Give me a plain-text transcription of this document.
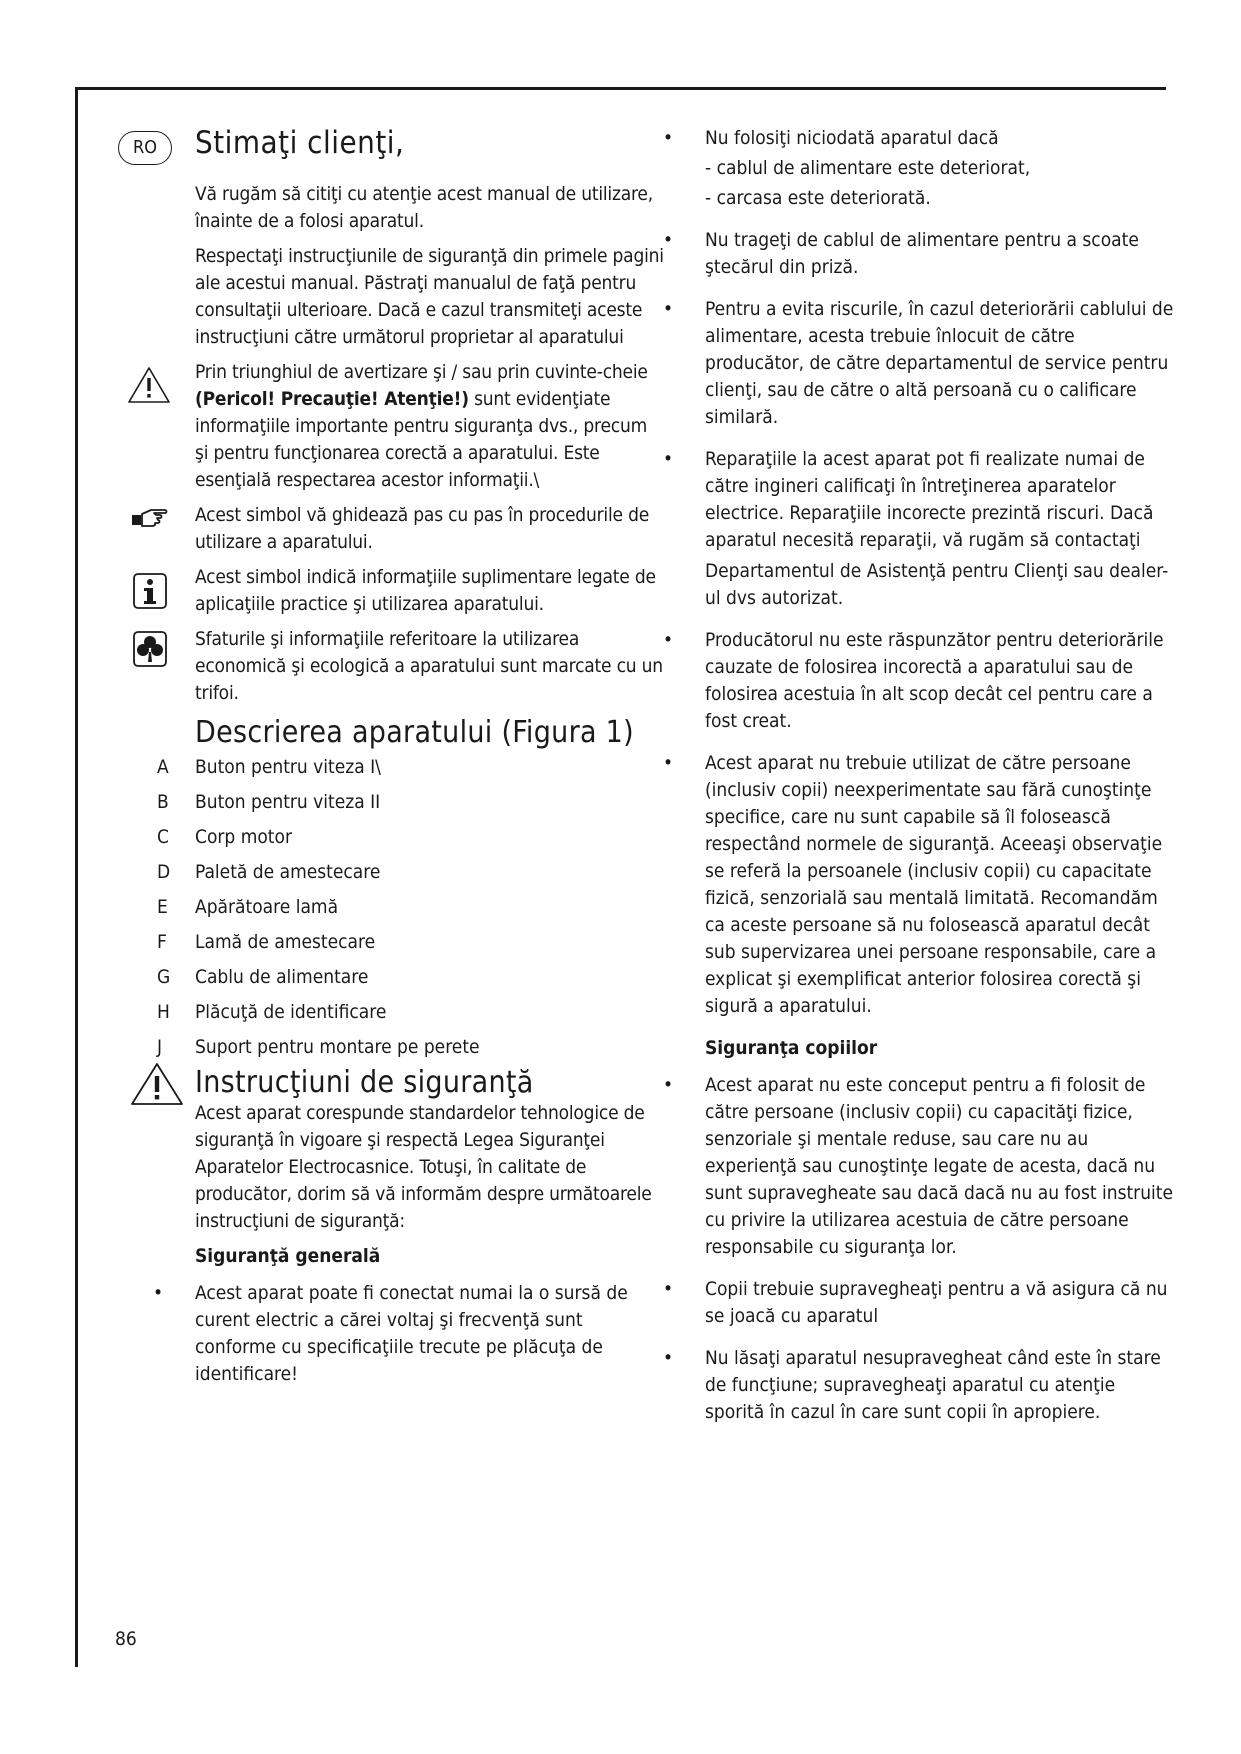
RO	Stimaţi clienţi,

Vă rugăm să citiţi cu atenţie acest manual de utilizare, înainte de a folosi aparatul.

Respectaţi instrucţiunile de siguranţă din primele pagini ale acestui manual. Păstraţi manualul de faţă pentru consultaţii ulterioare. Dacă e cazul transmiteţi aceste instrucţiuni către următorul proprietar al aparatului

Prin triunghiul de avertizare şi / sau prin cuvinte-cheie (Pericol! Precauţie! Atenţie!) sunt evidenţiate informaţiile importante pentru siguranţa dvs., precum şi pentru funcţionarea corectă a aparatului. Este esenţială respectarea acestor informaţii.\

Acest simbol vă ghidează pas cu pas în procedurile de utilizare a aparatului.

Acest simbol indică informaţiile suplimentare legate de aplicaţiile practice şi utilizarea aparatului.

Sfaturile şi informaţiile referitoare la utilizarea economică şi ecologică a aparatului sunt marcate cu un trifoi.

Descrierea aparatului (Figura 1)
A Buton pentru viteza I\
B Buton pentru viteza II
C Corp motor
D Paletă de amestecare
E Apărătoare lamă
F Lamă de amestecare
G Cablu de alimentare
H Plăcuţă de identificare
J Suport pentru montare pe perete
Instrucţiuni de siguranţă

Acest aparat corespunde standardelor tehnologice de siguranţă în vigoare şi respectă Legea Siguranţei Aparatelor Electrocasnice. Totuşi, în calitate de producător, dorim să vă informăm despre următoarele instrucţiuni de siguranţă:

Siguranţă generală
• Acest aparat poate fi conectat numai la o sursă de curent electric a cărei voltaj şi frecvenţă sunt conforme cu specificaţiile trecute pe plăcuţa de identificare!
• Nu folosiţi niciodată aparatul dacă
- cablul de alimentare este deteriorat,
- carcasa este deteriorată.
• Nu trageţi de cablul de alimentare pentru a scoate ştecărul din priză.
• Pentru a evita riscurile, în cazul deteriorării cablului de alimentare, acesta trebuie înlocuit de către producător, de către departamentul de service pentru clienţi, sau de către o altă persoană cu o calificare similară.
• Reparaţiile la acest aparat pot fi realizate numai de către ingineri calificaţi în întreţinerea aparatelor electrice. Reparaţiile incorecte prezintă riscuri. Dacă aparatul necesită reparaţii, vă rugăm să contactaţi
Departamentul de Asistenţă pentru Clienţi sau dealer-ul dvs autorizat.
• Producătorul nu este răspunzător pentru deteriorările cauzate de folosirea incorectă a aparatului sau de folosirea acestuia în alt scop decât cel pentru care a fost creat.
• Acest aparat nu trebuie utilizat de către persoane (inclusiv copii) neexperimentate sau fără cunoştinţe specifice, care nu sunt capabile să îl folosească respectând normele de siguranţă. Aceeaşi observaţie se referă la persoanele (inclusiv copii) cu capacitate fizică, senzorială sau mentală limitată. Recomandăm ca aceste persoane să nu folosească aparatul decât sub supervizarea unei persoane responsabile, care a explicat şi exemplificat anterior folosirea corectă şi sigură a aparatului.
Siguranţa copiilor
• Acest aparat nu este conceput pentru a fi folosit de către persoane (inclusiv copii) cu capacităţi fizice, senzoriale şi mentale reduse, sau care nu au experienţă sau cunoştinţe legate de acesta, dacă nu sunt supravegheate sau dacă dacă nu au fost instruite cu privire la utilizarea acestuia de către persoane responsabile cu siguranţa lor.
• Copii trebuie supravegheaţi pentru a vă asigura că nu se joacă cu aparatul
• Nu lăsaţi aparatul nesupravegheat când este în stare de funcţiune; supravegheaţi aparatul cu atenţie sporită în cazul în care sunt copii în apropiere.
86
